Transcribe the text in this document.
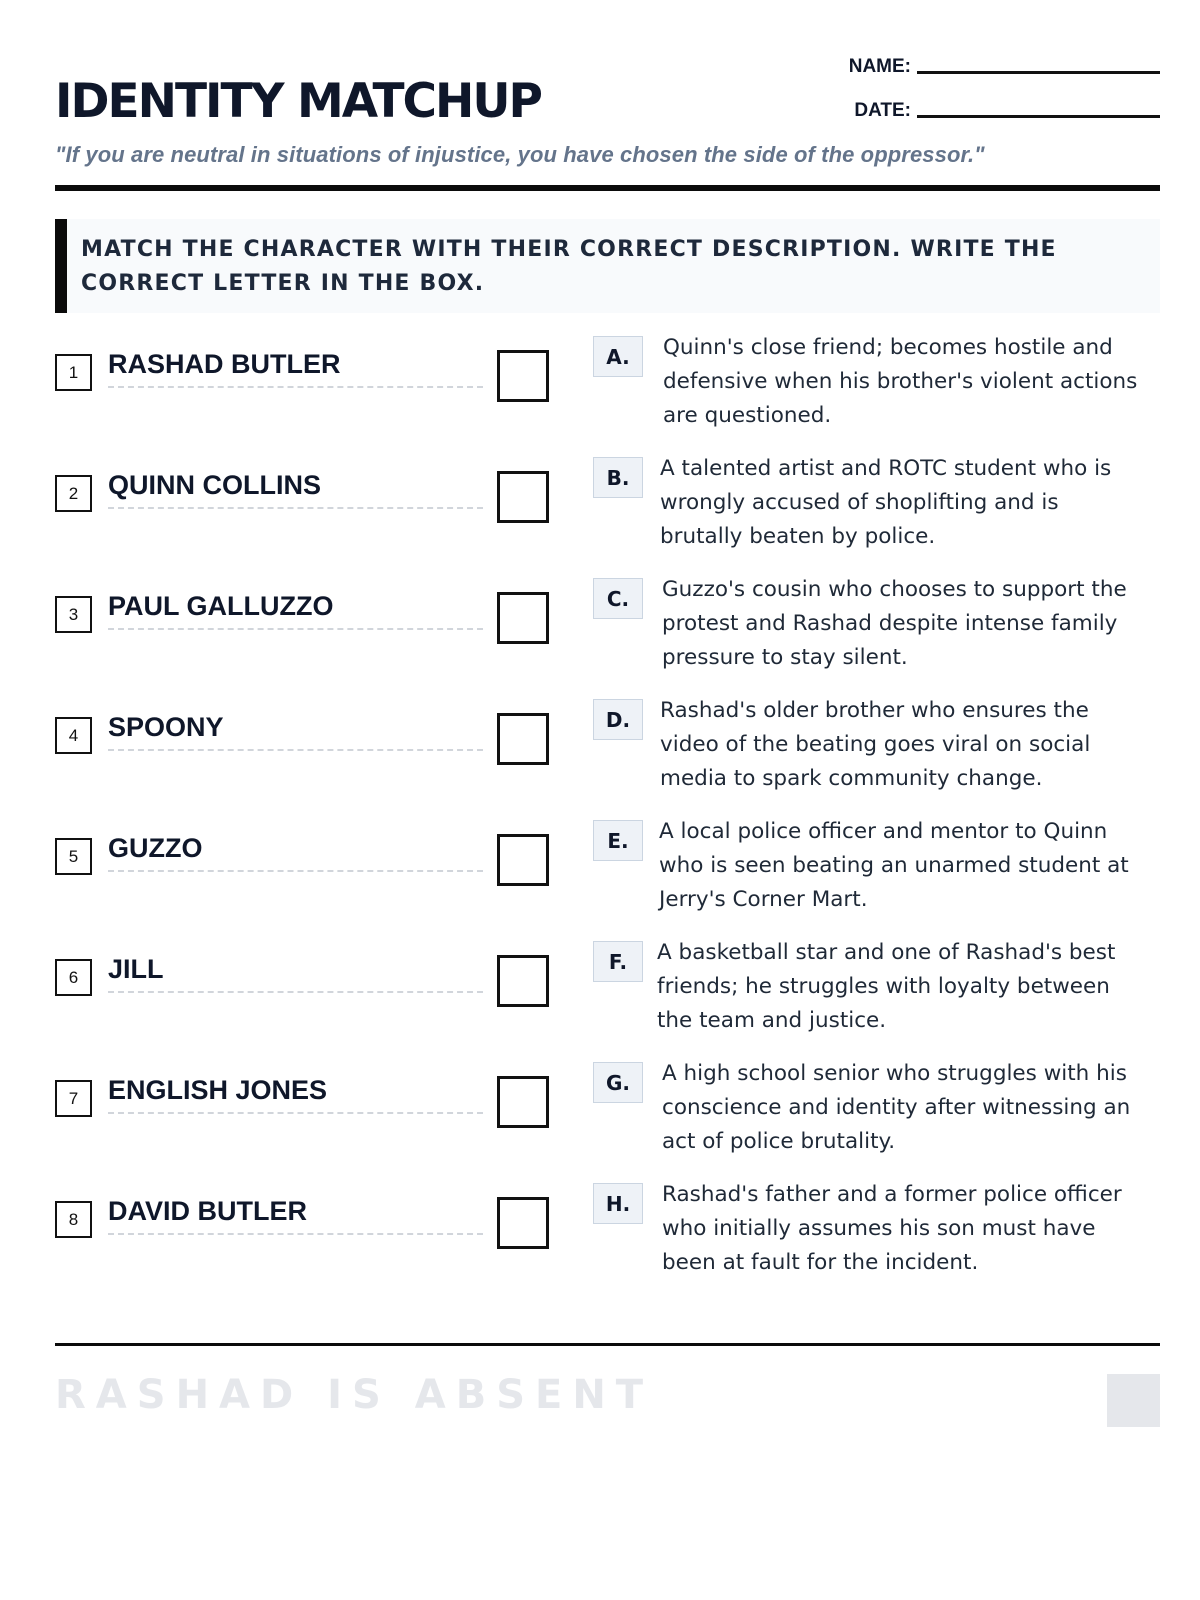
IDENTITY MATCHUP
NAME:
DATE:
"If you are neutral in situations of injustice, you have chosen the side of the oppressor."

MATCH THE CHARACTER WITH THEIR CORRECT DESCRIPTION. WRITE THE CORRECT LETTER IN THE BOX.

1	RASHAD BUTLER	A.	Quinn's close friend; becomes hostile and defensive when his brother's violent actions are questioned.
2	QUINN COLLINS	B.	A talented artist and ROTC student who is wrongly accused of shoplifting and is brutally beaten by police.
3	PAUL GALLUZZO	C.	Guzzo's cousin who chooses to support the protest and Rashad despite intense family pressure to stay silent.
4	SPOONY	D.	Rashad's older brother who ensures the video of the beating goes viral on social media to spark community change.
5	GUZZO	E.	A local police officer and mentor to Quinn who is seen beating an unarmed student at Jerry's Corner Mart.
6	JILL	F.	A basketball star and one of Rashad's best friends; he struggles with loyalty between the team and justice.
7	ENGLISH JONES	G.	A high school senior who struggles with his conscience and identity after witnessing an act of police brutality.
8	DAVID BUTLER	H.	Rashad's father and a former police officer who initially assumes his son must have been at fault for the incident.
RASHAD IS ABSENT
